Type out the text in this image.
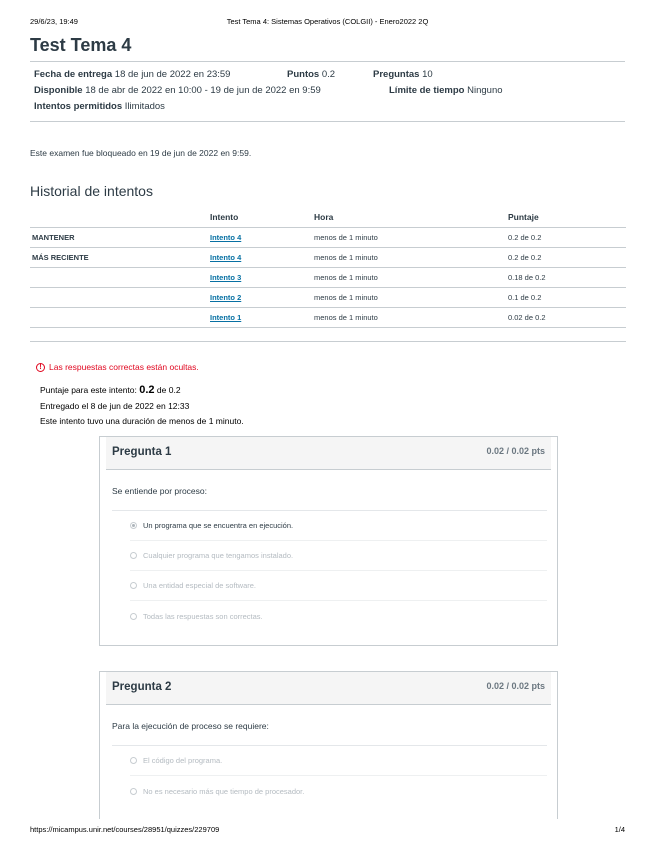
29/6/23, 19:49	Test Tema 4: Sistemas Operativos (COLGII) - Enero2022 2Q
Test Tema 4
Fecha de entrega 18 de jun de 2022 en 23:59	Puntos 0.2	Preguntas 10
Disponible 18 de abr de 2022 en 10:00 - 19 de jun de 2022 en 9:59	Límite de tiempo Ninguno
Intentos permitidos Ilimitados
Este examen fue bloqueado en 19 de jun de 2022 en 9:59.
Historial de intentos
	Intento	Hora	Puntaje
MANTENER	Intento 4	menos de 1 minuto	0.2 de 0.2
MÁS RECIENTE	Intento 4	menos de 1 minuto	0.2 de 0.2
	Intento 3	menos de 1 minuto	0.18 de 0.2
	Intento 2	menos de 1 minuto	0.1 de 0.2
	Intento 1	menos de 1 minuto	0.02 de 0.2
! Las respuestas correctas están ocultas.
Puntaje para este intento: 0.2 de 0.2
Entregado el 8 de jun de 2022 en 12:33
Este intento tuvo una duración de menos de 1 minuto.
Pregunta 1	0.02 / 0.02 pts
Se entiende por proceso:
Un programa que se encuentra en ejecución.
Cualquier programa que tengamos instalado.
Una entidad especial de software.
Todas las respuestas son correctas.
Pregunta 2	0.02 / 0.02 pts
Para la ejecución de proceso se requiere:
El código del programa.
No es necesario más que tiempo de procesador.
https://micampus.unir.net/courses/28951/quizzes/229709	1/4
